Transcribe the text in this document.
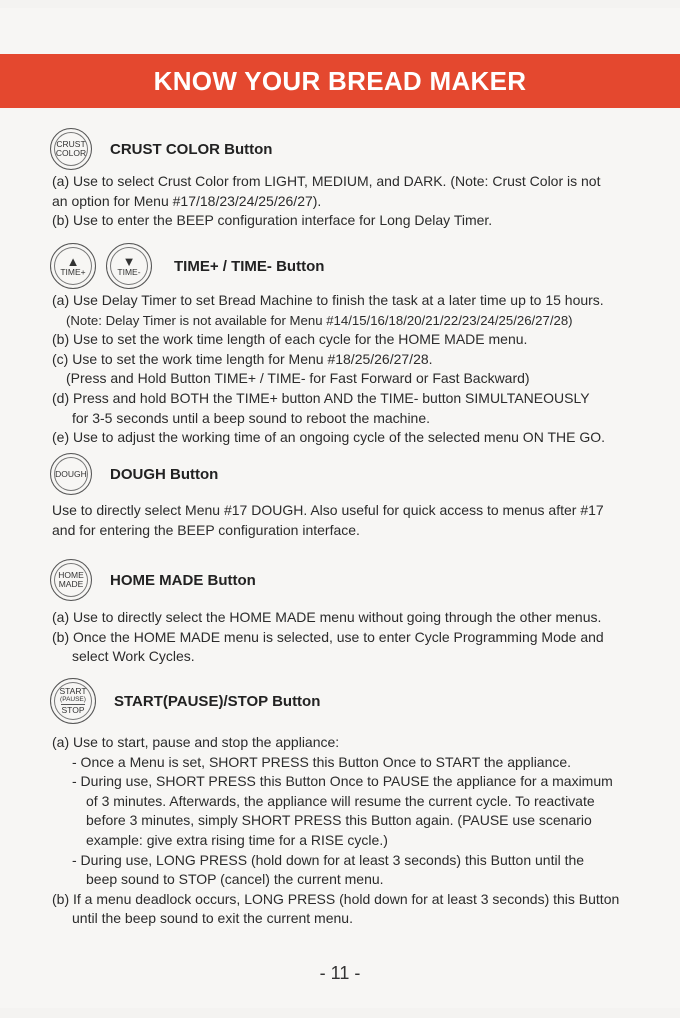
KNOW YOUR BREAD MAKER
CRUST
COLOR CRUST COLOR Button
(a) Use to select Crust Color from LIGHT, MEDIUM, and DARK. (Note: Crust Color is not
an option for Menu #17/18/23/24/25/26/27).
(b) Use to enter the BEEP configuration interface for Long Delay Timer.
▲
TIME+
▼
TIME- TIME+ / TIME- Button
(a) Use Delay Timer to set Bread Machine to finish the task at a later time up to 15 hours.
(Note: Delay Timer is not available for Menu #14/15/16/18/20/21/22/23/24/25/26/27/28)
(b) Use to set the work time length of each cycle for the HOME MADE menu.
(c) Use to set the work time length for Menu #18/25/26/27/28.
(Press and Hold Button TIME+ / TIME- for Fast Forward or Fast Backward)
(d) Press and hold BOTH the TIME+ button AND the TIME- button SIMULTANEOUSLY
for 3-5 seconds until a beep sound to reboot the machine.
(e) Use to adjust the working time of an ongoing cycle of the selected menu ON THE GO.
DOUGH DOUGH Button
Use to directly select Menu #17 DOUGH. Also useful for quick access to menus after #17
and for entering the BEEP configuration interface.
HOME
MADE HOME MADE Button
(a) Use to directly select the HOME MADE menu without going through the other menus.
(b) Once the HOME MADE menu is selected, use to enter Cycle Programming Mode and
select Work Cycles.
START
(PAUSE)
STOP
START(PAUSE)/STOP Button
(a) Use to start, pause and stop the appliance:
- Once a Menu is set, SHORT PRESS this Button Once to START the appliance.
- During use, SHORT PRESS this Button Once to PAUSE the appliance for a maximum
of 3 minutes. Afterwards, the appliance will resume the current cycle. To reactivate
before 3 minutes, simply SHORT PRESS this Button again. (PAUSE use scenario
example: give extra rising time for a RISE cycle.)
- During use, LONG PRESS (hold down for at least 3 seconds) this Button until the
beep sound to STOP (cancel) the current menu.
(b) If a menu deadlock occurs, LONG PRESS (hold down for at least 3 seconds) this Button
until the beep sound to exit the current menu.
- 11 -
